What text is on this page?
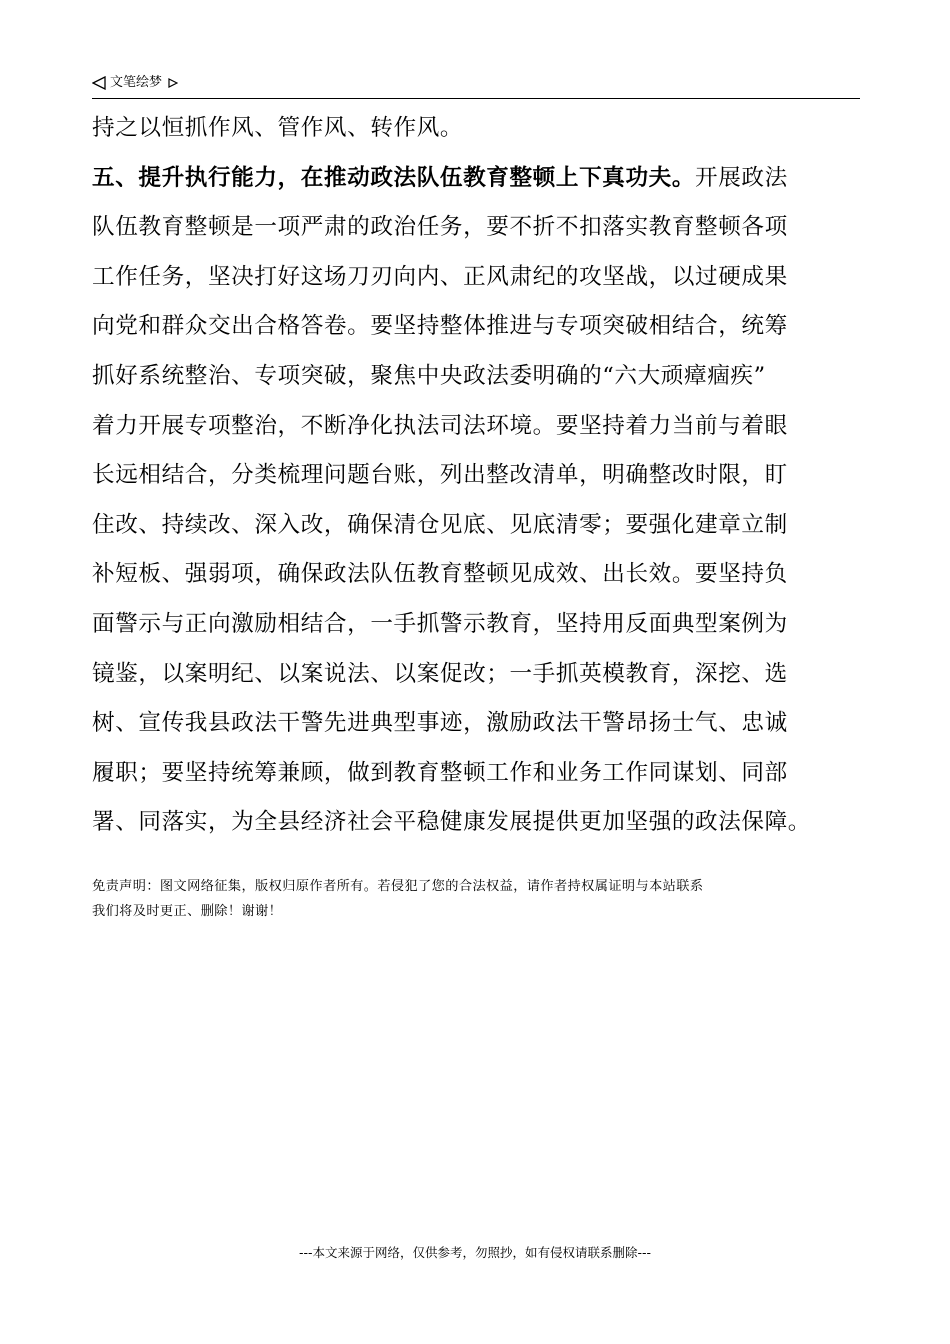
文笔绘梦

持之以恒抓作风、管作风、转作风。

五、提升执行能力，在推动政法队伍教育整顿上下真功夫。开展政法

队伍教育整顿是一项严肃的政治任务，要不折不扣落实教育整顿各项

工作任务，坚决打好这场刀刃向内、正风肃纪的攻坚战，以过硬成果

向党和群众交出合格答卷。要坚持整体推进与专项突破相结合，统筹

抓好系统整治、专项突破，聚焦中央政法委明确的“六大顽瘴痼疾”

着力开展专项整治，不断净化执法司法环境。要坚持着力当前与着眼

长远相结合，分类梳理问题台账，列出整改清单，明确整改时限，盯

住改、持续改、深入改，确保清仓见底、见底清零；要强化建章立制

补短板、强弱项，确保政法队伍教育整顿见成效、出长效。要坚持负

面警示与正向激励相结合，一手抓警示教育，坚持用反面典型案例为

镜鉴，以案明纪、以案说法、以案促改；一手抓英模教育，深挖、选

树、宣传我县政法干警先进典型事迹，激励政法干警昂扬士气、忠诚

履职；要坚持统筹兼顾，做到教育整顿工作和业务工作同谋划、同部

署、同落实，为全县经济社会平稳健康发展提供更加坚强的政法保障。

免责声明：图文网络征集，版权归原作者所有。若侵犯了您的合法权益，请作者持权属证明与本站联系

我们将及时更正、删除！谢谢！

---本文来源于网络，仅供参考，勿照抄，如有侵权请联系删除---
